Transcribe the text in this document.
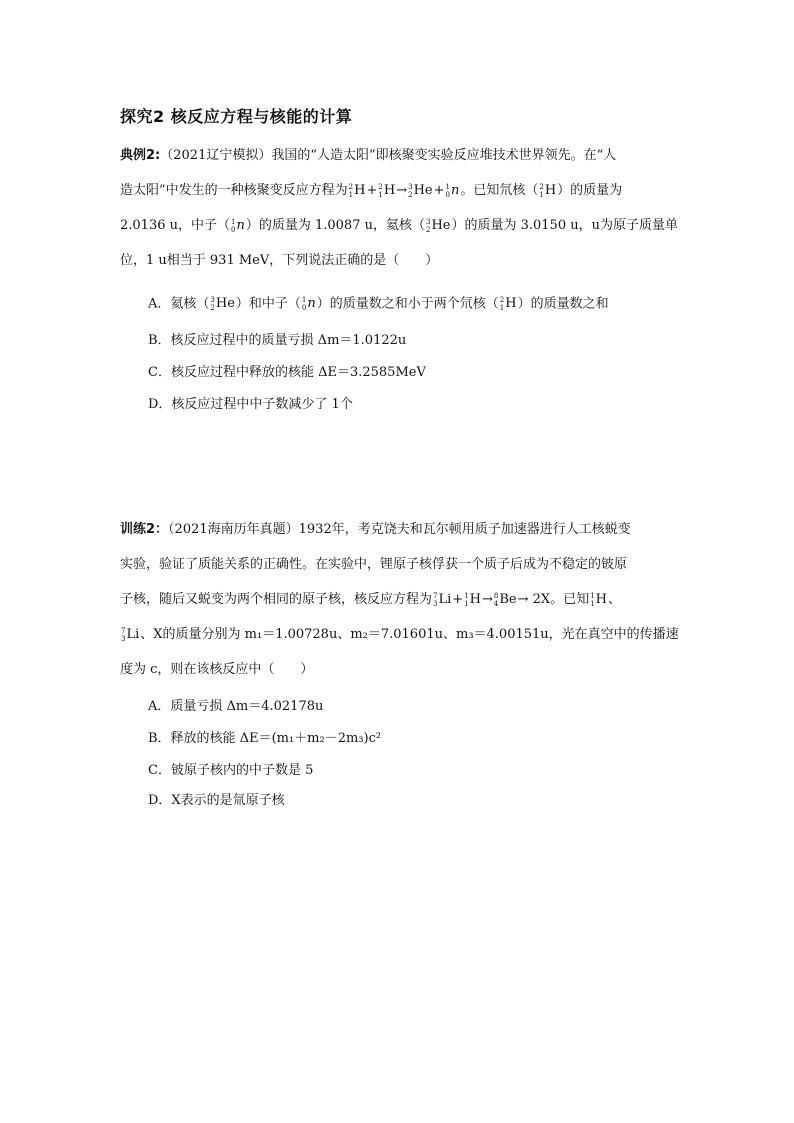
探究2 核反应方程与核能的计算
典例2:（2021辽宁模拟）我国的“人造太阳”即核聚变实验反应堆技术世界领先。在“人
造太阳”中发生的一种核聚变反应方程为 2
1 H + 2
1 H → 3
2 He + 1
0 n 。已知氘核（ 2
1 H ）的质量为
2.0136 u，中子（ 1
0 n ）的质量为 1.0087 u，氦核（ 3
2 He ）的质量为 3.0150 u，u为原子质量单
位，1 u相当于 931 MeV，下列说法正确的是（　　）
A．氦核（ 3
2 He ）和中子（ 1
0 n ）的质量数之和小于两个氘核（ 2
1 H ）的质量数之和
B．核反应过程中的质量亏损 Δm＝1.0122u
C．核反应过程中释放的核能 ΔE＝3.2585MeV
D．核反应过程中中子数减少了 1个
训练2：（2021海南历年真题）1932年，考克饶夫和瓦尔顿用质子加速器进行人工核蜕变
实验，验证了质能关系的正确性。在实验中，锂原子核俘获一个质子后成为不稳定的铍原
子核，随后又蜕变为两个相同的原子核，核反应方程为 7
3 Li + 1
1 H → 8
4 Be → 2X。已知 1
1 H 、
7
3 Li 、X的质量分别为 m₁＝1.00728u、m₂＝7.01601u、m₃＝4.00151u，光在真空中的传播速
度为 c，则在该核反应中（　　）
A．质量亏损 Δm＝4.02178u
B．释放的核能 ΔE＝(m₁＋m₂－2m₃)c²
C．铍原子核内的中子数是 5
D．X表示的是氚原子核
